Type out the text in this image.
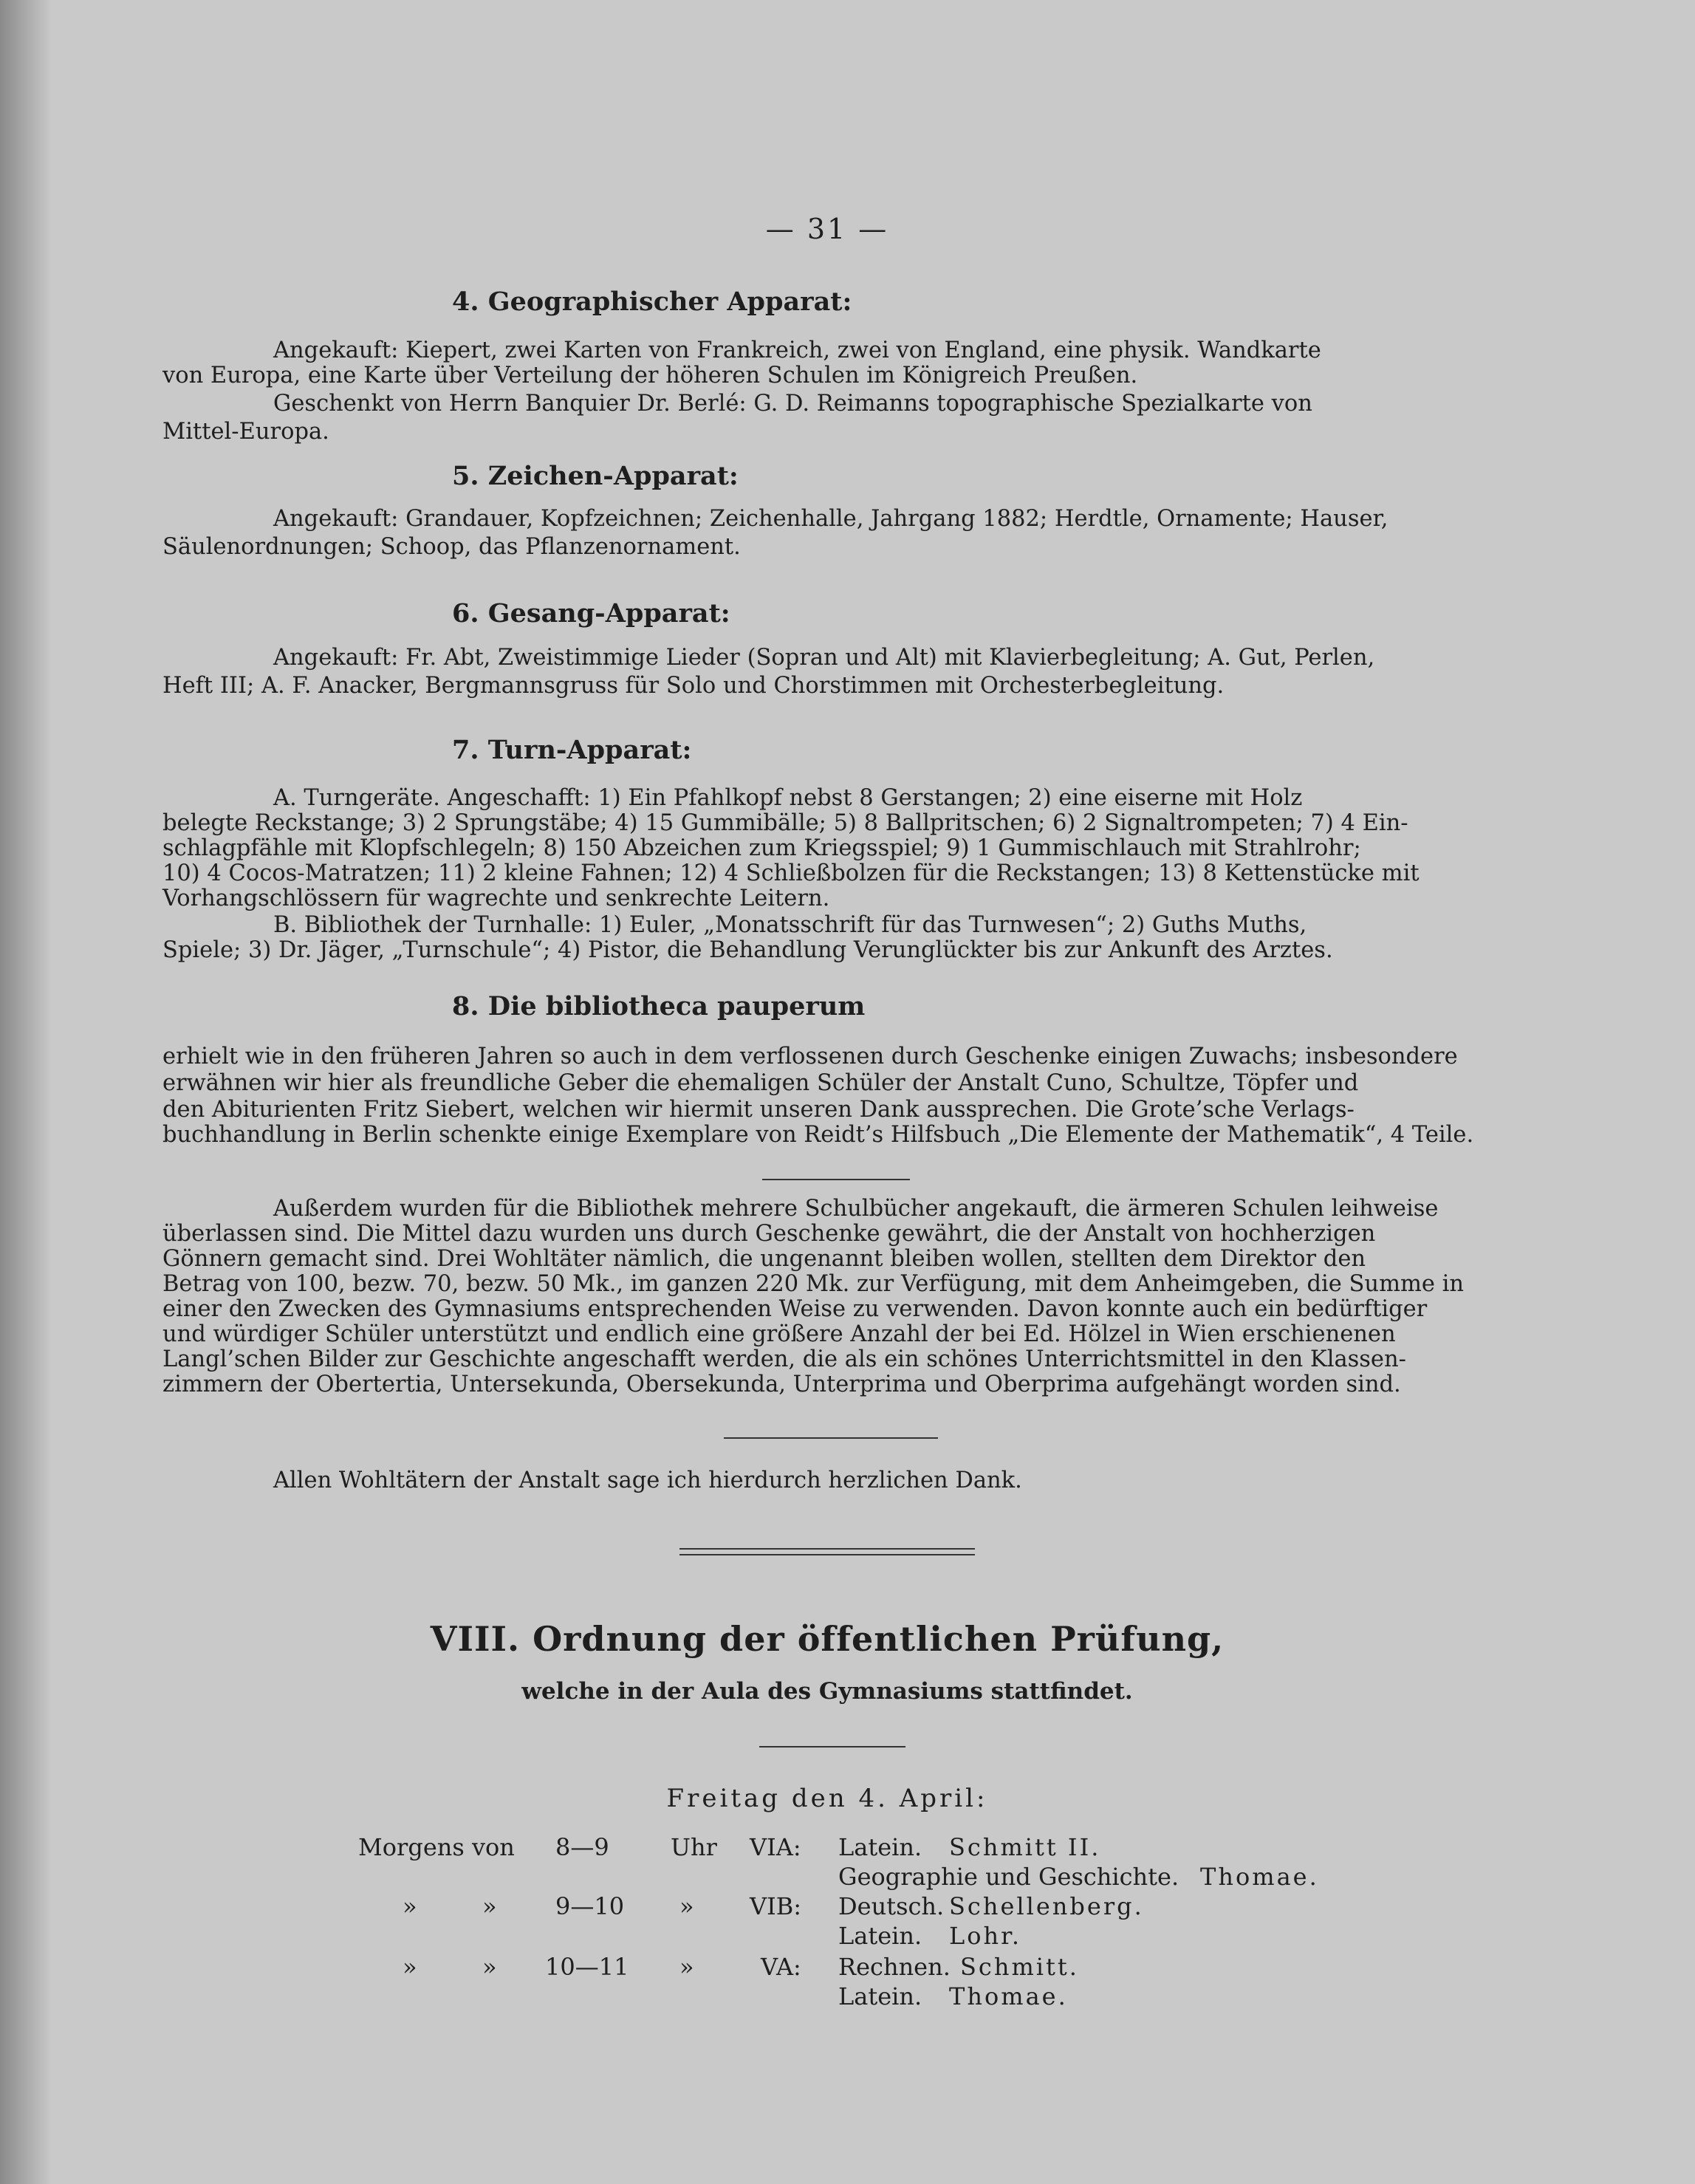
— 31 —
4. Geographischer Apparat:
Angekauft: Kiepert, zwei Karten von Frankreich, zwei von England, eine physik. Wandkarte
von Europa, eine Karte über Verteilung der höheren Schulen im Königreich Preußen.
Geschenkt von Herrn Banquier Dr. Berlé: G. D. Reimanns topographische Spezialkarte von
Mittel-Europa.
5. Zeichen-Apparat:
Angekauft: Grandauer, Kopfzeichnen; Zeichenhalle, Jahrgang 1882; Herdtle, Ornamente; Hauser,
Säulenordnungen; Schoop, das Pflanzenornament.
6. Gesang-Apparat:
Angekauft: Fr. Abt, Zweistimmige Lieder (Sopran und Alt) mit Klavierbegleitung; A. Gut, Perlen,
Heft III; A. F. Anacker, Bergmannsgruss für Solo und Chorstimmen mit Orchesterbegleitung.
7. Turn-Apparat:
A. Turngeräte. Angeschafft: 1) Ein Pfahlkopf nebst 8 Gerstangen; 2) eine eiserne mit Holz
belegte Reckstange; 3) 2 Sprungstäbe; 4) 15 Gummibälle; 5) 8 Ballpritschen; 6) 2 Signaltrompeten; 7) 4 Ein-
schlagpfähle mit Klopfschlegeln; 8) 150 Abzeichen zum Kriegsspiel; 9) 1 Gummischlauch mit Strahlrohr;
10) 4 Cocos-Matratzen; 11) 2 kleine Fahnen; 12) 4 Schließbolzen für die Reckstangen; 13) 8 Kettenstücke mit
Vorhangschlössern für wagrechte und senkrechte Leitern.
B. Bibliothek der Turnhalle: 1) Euler, „Monatsschrift für das Turnwesen“; 2) Guths Muths,
Spiele; 3) Dr. Jäger, „Turnschule“; 4) Pistor, die Behandlung Verunglückter bis zur Ankunft des Arztes.
8. Die bibliotheca pauperum
erhielt wie in den früheren Jahren so auch in dem verflossenen durch Geschenke einigen Zuwachs; insbesondere
erwähnen wir hier als freundliche Geber die ehemaligen Schüler der Anstalt Cuno, Schultze, Töpfer und
den Abiturienten Fritz Siebert, welchen wir hiermit unseren Dank aussprechen. Die Grote’sche Verlags-
buchhandlung in Berlin schenkte einige Exemplare von Reidt’s Hilfsbuch „Die Elemente der Mathematik“, 4 Teile.
Außerdem wurden für die Bibliothek mehrere Schulbücher angekauft, die ärmeren Schulen leihweise
überlassen sind. Die Mittel dazu wurden uns durch Geschenke gewährt, die der Anstalt von hochherzigen
Gönnern gemacht sind. Drei Wohltäter nämlich, die ungenannt bleiben wollen, stellten dem Direktor den
Betrag von 100, bezw. 70, bezw. 50 Mk., im ganzen 220 Mk. zur Verfügung, mit dem Anheimgeben, die Summe in
einer den Zwecken des Gymnasiums entsprechenden Weise zu verwenden. Davon konnte auch ein bedürftiger
und würdiger Schüler unterstützt und endlich eine größere Anzahl der bei Ed. Hölzel in Wien erschienenen
Langl’schen Bilder zur Geschichte angeschafft werden, die als ein schönes Unterrichtsmittel in den Klassen-
zimmern der Obertertia, Untersekunda, Obersekunda, Unterprima und Oberprima aufgehängt worden sind.
Allen Wohltätern der Anstalt sage ich hierdurch herzlichen Dank.
VIII. Ordnung der öffentlichen Prüfung,
welche in der Aula des Gymnasiums stattfindet.
Freitag den 4. April:
Morgens von 8—9	Uhr VIA: Latein. Schmitt II.
Geographie und Geschichte. Thomae.
»	» 9—10 » VIB: Deutsch. Schellenberg.
Latein. Lohr.
»	» 10—11 »	VA: Rechnen. Schmitt.
Latein. Thomae.
